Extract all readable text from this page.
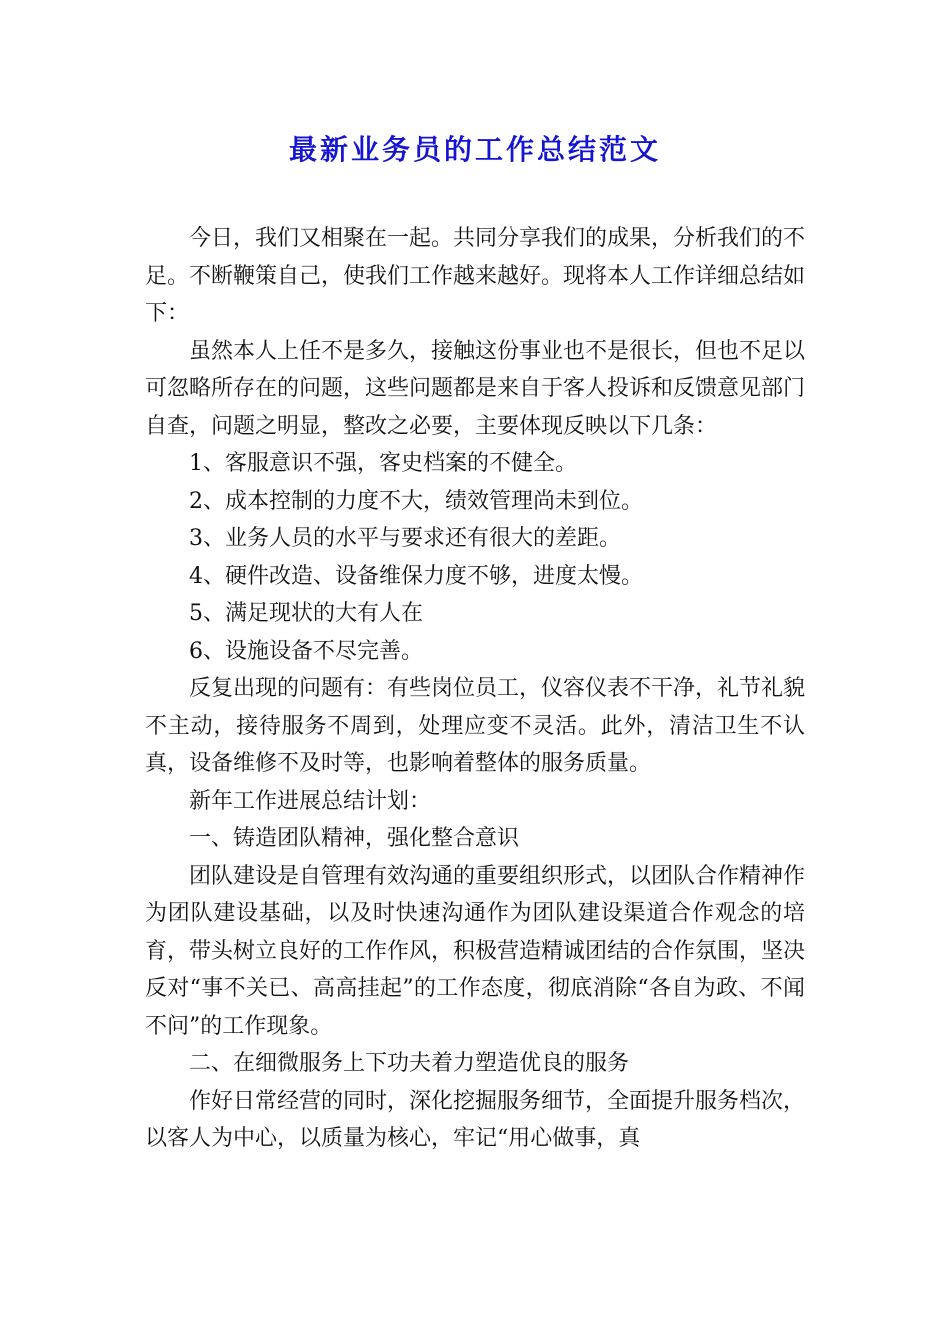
最新业务员的工作总结范文

今日，我们又相聚在一起。共同分享我们的成果，分析我们的不足。不断鞭策自己，使我们工作越来越好。现将本人工作详细总结如下：

虽然本人上任不是多久，接触这份事业也不是很长，但也不足以可忽略所存在的问题，这些问题都是来自于客人投诉和反馈意见部门自查，问题之明显，整改之必要，主要体现反映以下几条：

1、客服意识不强，客史档案的不健全。

2、成本控制的力度不大，绩效管理尚未到位。

3、业务人员的水平与要求还有很大的差距。

4、硬件改造、设备维保力度不够，进度太慢。

5、满足现状的大有人在

6、设施设备不尽完善。

反复出现的问题有：有些岗位员工，仪容仪表不干净，礼节礼貌不主动，接待服务不周到，处理应变不灵活。此外，清洁卫生不认真，设备维修不及时等，也影响着整体的服务质量。

新年工作进展总结计划：

一、铸造团队精神，强化整合意识

团队建设是自管理有效沟通的重要组织形式，以团队合作精神作为团队建设基础，以及时快速沟通作为团队建设渠道合作观念的培育，带头树立良好的工作作风，积极营造精诚团结的合作氛围，坚决反对“事不关已、高高挂起”的工作态度，彻底消除“各自为政、不闻不问”的工作现象。

二、在细微服务上下功夫着力塑造优良的服务

作好日常经营的同时，深化挖掘服务细节，全面提升服务档次，以客人为中心，以质量为核心，牢记“用心做事，真
